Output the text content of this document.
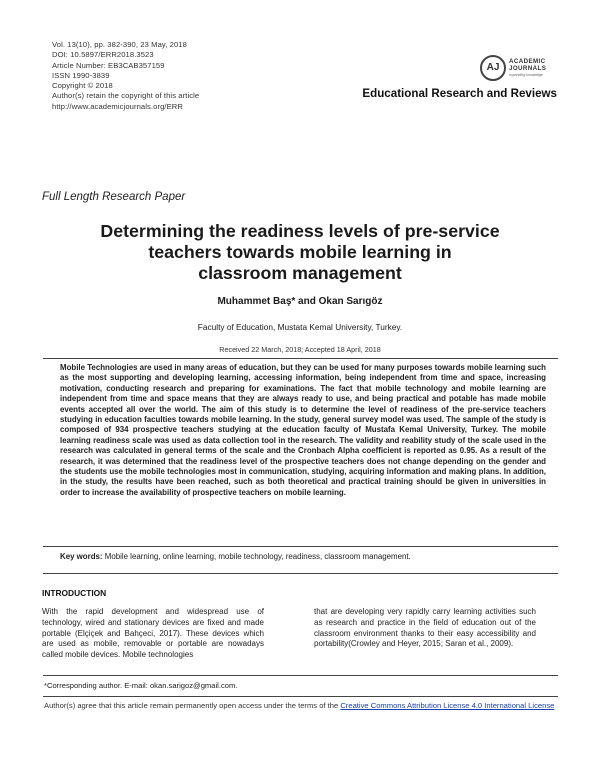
Vol. 13(10), pp. 382-390, 23 May, 2018
DOI: 10.5897/ERR2018.3523
Article Number: EB3CAB357159
ISSN 1990-3839
Copyright © 2018
Author(s) retain the copyright of this article
http://www.academicjournals.org/ERR
AJ
ACADEMIC
JOURNALS
expanding knowledge
Educational Research and Reviews
Full Length Research Paper
Determining the readiness levels of pre-service
teachers towards mobile learning in
classroom management
Muhammet Baş* and Okan Sarıgöz
Faculty of Education, Mustata Kemal University, Turkey.
Received 22 March, 2018; Accepted 18 April, 2018
Mobile Technologies are used in many areas of education, but they can be used for many purposes towards mobile learning such as the most supporting and developing learning, accessing information, being independent from time and space, increasing motivation, conducting research and preparing for examinations. The fact that mobile technology and mobile learning are independent from time and space means that they are always ready to use, and being practical and potable has made mobile events accepted all over the world. The aim of this study is to determine the level of readiness of the pre-service teachers studying in education faculties towards mobile learning. In the study, general survey model was used. The sample of the study is composed of 934 prospective teachers studying at the education faculty of Mustafa Kemal University, Turkey. The mobile learning readiness scale was used as data collection tool in the research. The validity and reability study of the scale used in the research was calculated in general terms of the scale and the Cronbach Alpha coefficient is reported as 0.95. As a result of the research, it was determined that the readiness level of the prospective teachers does not change depending on the gender and the students use the mobile technologies most in communication, studying, acquiring information and making plans. In addition, in the study, the results have been reached, such as both theoretical and practical training should be given in universities in order to increase the availability of prospective teachers on mobile learning.
Key words: Mobile learning, online learning, mobile technology, readiness, classroom management.
INTRODUCTION
With the rapid development and widespread use of technology, wired and stationary devices are fixed and made portable (Elçiçek and Bahçeci, 2017). These devices which are used as mobile, removable or portable are nowadays called mobile devices. Mobile technologies
that are developing very rapidly carry learning activities such as research and practice in the field of education out of the classroom environment thanks to their easy accessibility and portability(Crowley and Heyer, 2015; Saran et al., 2009).
*Corresponding author. E-mail: okan.sarigoz@gmail.com.
Author(s) agree that this article remain permanently open access under the terms of the Creative Commons Attribution License 4.0 International License
